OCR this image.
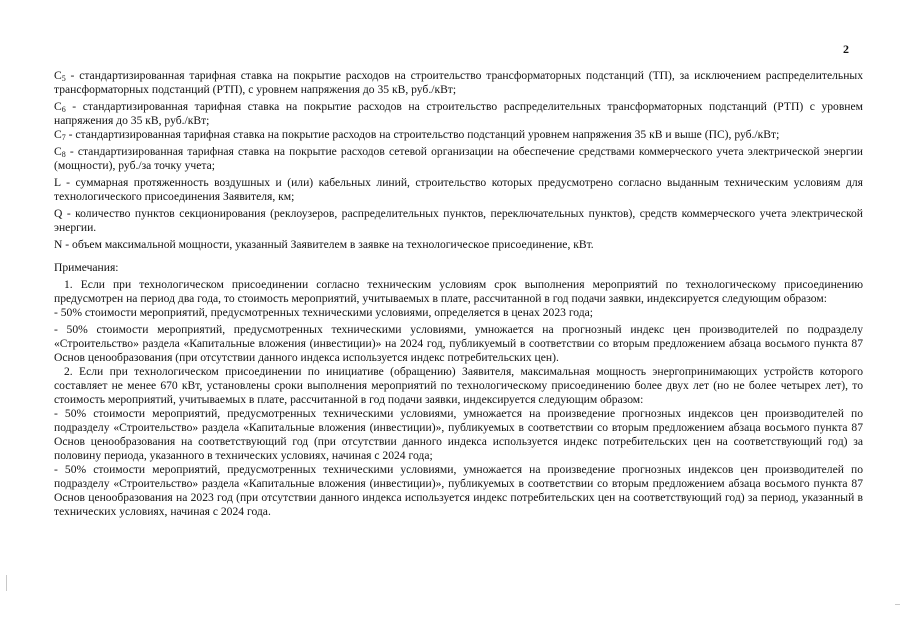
2

$C_5$ - стандартизированная тарифная ставка на покрытие расходов на строительство трансформаторных подстанций (ТП), за исключением распределительных трансформаторных подстанций (РТП), с уровнем напряжения до 35 кВ, руб./кВт;

$C_6$ - стандартизированная тарифная ставка на покрытие расходов на строительство распределительных трансформаторных подстанций (РТП) с уровнем напряжения до 35 кВ, руб./кВт;

$C_7$ - стандартизированная тарифная ставка на покрытие расходов на строительство подстанций уровнем напряжения 35 кВ и выше (ПС), руб./кВт;

$C_8$ - стандартизированная тарифная ставка на покрытие расходов сетевой организации на обеспечение средствами коммерческого учета электрической энергии (мощности), руб./за точку учета;

L - суммарная протяженность воздушных и (или) кабельных линий, строительство которых предусмотрено согласно выданным техническим условиям для технологического присоединения Заявителя, км;

Q - количество пунктов секционирования (реклоузеров, распределительных пунктов, переключательных пунктов), средств коммерческого учета электрической энергии.

N - объем максимальной мощности, указанный Заявителем в заявке на технологическое присоединение, кВт.

Примечания:

1. Если при технологическом присоединении согласно техническим условиям срок выполнения мероприятий по технологическому присоединению предусмотрен на период два года, то стоимость мероприятий, учитываемых в плате, рассчитанной в год подачи заявки, индексируется следующим образом:

- 50% стоимости мероприятий, предусмотренных техническими условиями, определяется в ценах 2023 года;

- 50% стоимости мероприятий, предусмотренных техническими условиями, умножается на прогнозный индекс цен производителей по подразделу «Строительство» раздела «Капитальные вложения (инвестиции)» на 2024 год, публикуемый в соответствии со вторым предложением абзаца восьмого пункта 87 Основ ценообразования (при отсутствии данного индекса используется индекс потребительских цен).

2. Если при технологическом присоединении по инициативе (обращению) Заявителя, максимальная мощность энергопринимающих устройств которого составляет не менее 670 кВт, установлены сроки выполнения мероприятий по технологическому присоединению более двух лет (но не более четырех лет), то стоимость мероприятий, учитываемых в плате, рассчитанной в год подачи заявки, индексируется следующим образом:

- 50% стоимости мероприятий, предусмотренных техническими условиями, умножается на произведение прогнозных индексов цен производителей по подразделу «Строительство» раздела «Капитальные вложения (инвестиции)», публикуемых в соответствии со вторым предложением абзаца восьмого пункта 87 Основ ценообразования на соответствующий год (при отсутствии данного индекса используется индекс потребительских цен на соответствующий год) за половину периода, указанного в технических условиях, начиная с 2024 года;

- 50% стоимости мероприятий, предусмотренных техническими условиями, умножается на произведение прогнозных индексов цен производителей по подразделу «Строительство» раздела «Капитальные вложения (инвестиции)», публикуемых в соответствии со вторым предложением абзаца восьмого пункта 87 Основ ценообразования на 2023 год (при отсутствии данного индекса используется индекс потребительских цен на соответствующий год) за период, указанный в технических условиях, начиная с 2024 года.
